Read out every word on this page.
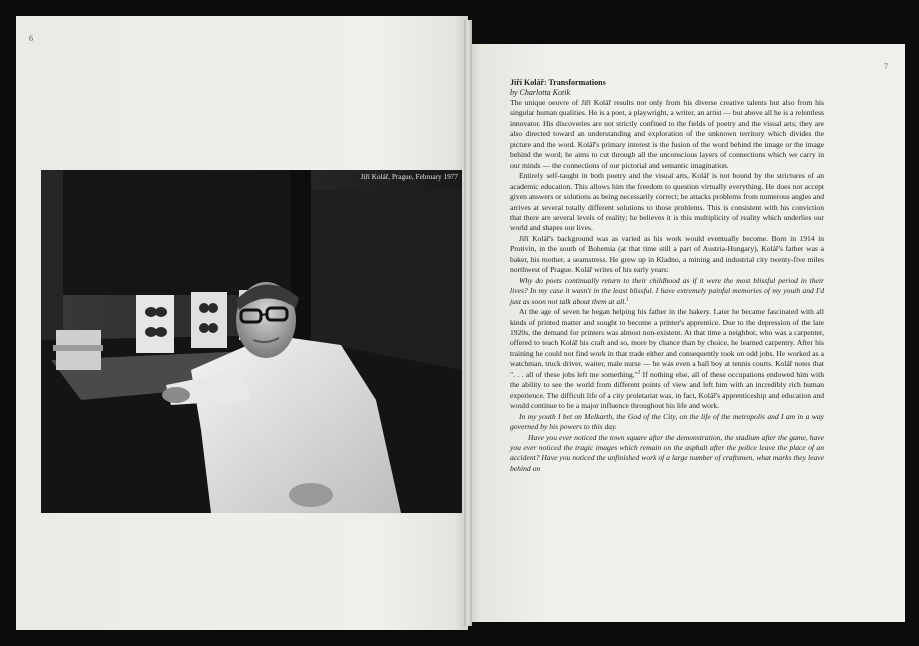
6
7
Jiří Kolář, Prague, February 1977

Jiří Kolář: Transformations

by Charlotta Kotik

The unique oeuvre of Jiří Kolář results not only from his diverse creative talents but also from his singular human qualities. He is a poet, a playwright, a writer, an artist — but above all he is a relentless innovator. His discoveries are not strictly confined to the fields of poetry and the visual arts; they are also directed toward an understanding and exploration of the unknown territory which divides the picture and the word. Kolář's primary interest is the fusion of the word behind the image or the image behind the word; he aims to cut through all the unconscious layers of connections which we carry in our minds — the connections of our pictorial and semantic imagination.

Entirely self-taught in both poetry and the visual arts, Kolář is not bound by the strictures of an academic education. This allows him the freedom to question virtually everything. He does not accept given answers or solutions as being necessarily correct; he attacks problems from numerous angles and arrives at several totally different solutions to those problems. This is consistent with his conviction that there are several levels of reality; he believes it is this multiplicity of reality which underlies our world and shapes our lives.

Jiří Kolář's background was as varied as his work would eventually become. Born in 1914 in Protivin, in the south of Bohemia (at that time still a part of Austria-Hungary), Kolář's father was a baker, his mother, a seamstress. He grew up in Kladno, a mining and industrial city twenty-five miles northwest of Prague. Kolář writes of his early years:

Why do poets continually return to their childhood as if it were the most blissful period in their lives? In my case it wasn't in the least blissful. I have extremely painful memories of my youth and I'd just as soon not talk about them at all.$^1$

At the age of seven he began helping his father in the bakery. Later he became fascinated with all kinds of printed matter and sought to become a printer's apprentice. Due to the depression of the late 1920s, the demand for printers was almost non-existent. At that time a neighbor, who was a carpenter, offered to teach Kolář his craft and so, more by chance than by choice, he learned carpentry. After his training he could not find work in that trade either and consequently took on odd jobs. He worked as a watchman, truck driver, waiter, male nurse — he was even a ball boy at tennis courts. Kolář notes that ". . . all of these jobs left me something."$^2$ If nothing else, all of these occupations endowed him with the ability to see the world from different points of view and left him with an incredibly rich human experience. The difficult life of a city proletariat was, in fact, Kolář's apprenticeship and education and would continue to be a major influence throughout his life and work.

In my youth I bet on Melkarth, the God of the City, on the life of the metropolis and I am in a way governed by his powers to this day.

Have you ever noticed the town square after the demonstration, the stadium after the game, have you ever noticed the tragic images which remain on the asphalt after the police leave the place of an accident? Have you noticed the unfinished work of a large number of craftsmen, what marks they leave behind on
